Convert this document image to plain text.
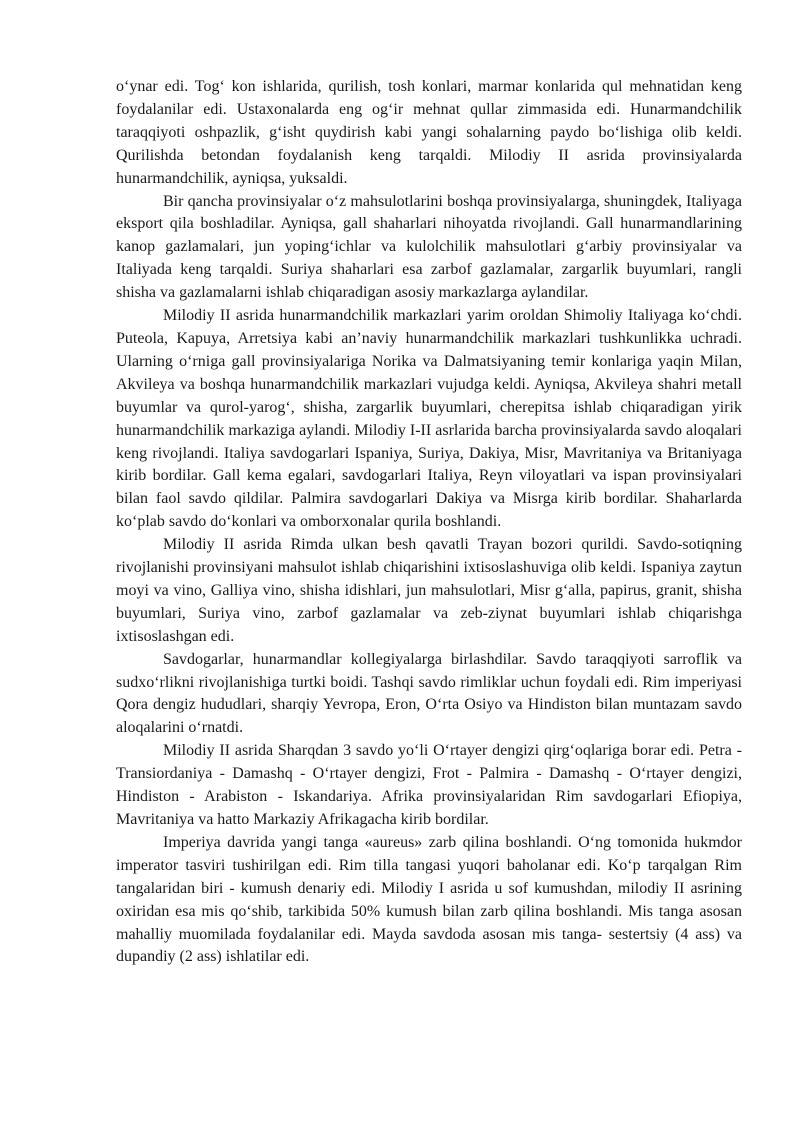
o‘ynar edi. Tog‘ kon ishlarida, qurilish, tosh konlari, marmar konlarida qul mehnatidan keng foydalanilar edi. Ustaxonalarda eng og‘ir mehnat qullar zimmasida edi. Hunarmandchilik taraqqiyoti oshpazlik, g‘isht quydirish kabi yangi sohalarning paydo bo‘lishiga olib keldi. Qurilishda betondan foydalanish keng tarqaldi. Milodiy II asrida provinsiyalarda hunarmandchilik, ayniqsa, yuksaldi.

Bir qancha provinsiyalar o‘z mahsulotlarini boshqa provinsiyalarga, shuningdek, Italiyaga eksport qila boshladilar. Ayniqsa, gall shaharlari nihoyatda rivojlandi. Gall hunarmandlarining kanop gazlamalari, jun yoping‘ichlar va kulolchilik mahsulotlari g‘arbiy provinsiyalar va Italiyada keng tarqaldi. Suriya shaharlari esa zarbof gazlamalar, zargarlik buyumlari, rangli shisha va gazlamalarni ishlab chiqaradigan asosiy markazlarga aylandilar.

Milodiy II asrida hunarmandchilik markazlari yarim oroldan Shimoliy Italiyaga ko‘chdi. Puteola, Kapuya, Arretsiya kabi an’naviy hunarmandchilik markazlari tushkunlikka uchradi. Ularning o‘rniga gall provinsiyalariga Norika va Dalmatsiyaning temir konlariga yaqin Milan, Akvileya va boshqa hunarmandchilik markazlari vujudga keldi. Ayniqsa, Akvileya shahri metall buyumlar va qurol-yarog‘, shisha, zargarlik buyumlari, cherepitsa ishlab chiqaradigan yirik hunarmandchilik markaziga aylandi. Milodiy I-II asrlarida barcha provinsiyalarda savdo aloqalari keng rivojlandi. Italiya savdogarlari Ispaniya, Suriya, Dakiya, Misr, Mavritaniya va Britaniyaga kirib bordilar. Gall kema egalari, savdogarlari Italiya, Reyn viloyatlari va ispan provinsiyalari bilan faol savdo qildilar. Palmira savdogarlari Dakiya va Misrga kirib bordilar. Shaharlarda ko‘plab savdo do‘konlari va omborxonalar qurila boshlandi.

Milodiy II asrida Rimda ulkan besh qavatli Trayan bozori qurildi. Savdo-sotiqning rivojlanishi provinsiyani mahsulot ishlab chiqarishini ixtisoslashuviga olib keldi. Ispaniya zaytun moyi va vino, Galliya vino, shisha idishlari, jun mahsulotlari, Misr g‘alla, papirus, granit, shisha buyumlari, Suriya vino, zarbof gazlamalar va zeb-ziynat buyumlari ishlab chiqarishga ixtisoslashgan edi.

Savdogarlar, hunarmandlar kollegiyalarga birlashdilar. Savdo taraqqiyoti sarroflik va sudxo‘rlikni rivojlanishiga turtki boidi. Tashqi savdo rimliklar uchun foydali edi. Rim imperiyasi Qora dengiz hududlari, sharqiy Yevropa, Eron, O‘rta Osiyo va Hindiston bilan muntazam savdo aloqalarini o‘rnatdi.

Milodiy II asrida Sharqdan 3 savdo yo‘li O‘rtayer dengizi qirg‘oqlariga borar edi. Petra - Transiordaniya - Damashq - O‘rtayer dengizi, Frot - Palmira - Damashq - O‘rtayer dengizi, Hindiston - Arabiston - Iskandariya. Afrika provinsiyalaridan Rim savdogarlari Efiopiya, Mavritaniya va hatto Markaziy Afrikagacha kirib bordilar.

Imperiya davrida yangi tanga «aureus» zarb qilina boshlandi. O‘ng tomonida hukmdor imperator tasviri tushirilgan edi. Rim tilla tangasi yuqori baholanar edi. Ko‘p tarqalgan Rim tangalaridan biri - kumush denariy edi. Milodiy I asrida u sof kumushdan, milodiy II asrining oxiridan esa mis qo‘shib, tarkibida 50% kumush bilan zarb qilina boshlandi. Mis tanga asosan mahalliy muomilada foydalanilar edi. Mayda savdoda asosan mis tanga- sestertsiy (4 ass) va dupandiy (2 ass) ishlatilar edi.
